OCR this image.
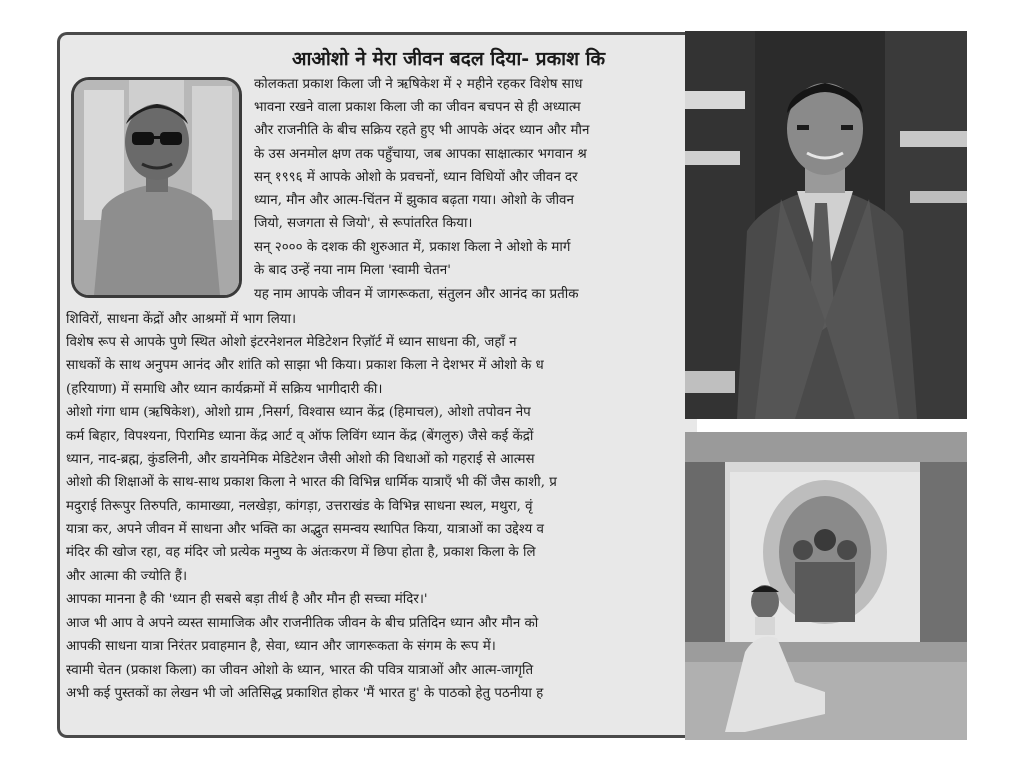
आओशो ने मेरा जीवन बदल दिया- प्रकाश कि
कोलकता प्रकाश किला जी ने ऋषिकेश में २ महीने रहकर विशेष साध
भावना रखने वाला प्रकाश किला जी का जीवन बचपन से ही अध्यात्म
और राजनीति के बीच सक्रिय रहते हुए भी आपके अंदर ध्यान और मौन
के उस अनमोल क्षण तक पहुँचाया, जब आपका साक्षात्कार भगवान श्र
सन् १९९६ में आपके ओशो के प्रवचनों, ध्यान विधियों और जीवन दर
ध्यान, मौन और आत्म-चिंतन में झुकाव बढ़ता गया। ओशो के जीवन
जियो, सजगता से जियो', से रूपांतरित किया।
सन् २००० के दशक की शुरुआत में, प्रकाश किला ने ओशो के मार्ग
के बाद उन्हें नया नाम मिला 'स्वामी चेतन'
यह नाम आपके जीवन में जागरूकता, संतुलन और आनंद का प्रतीक
शिविरों, साधना केंद्रों और आश्रमों में भाग लिया।
विशेष रूप से आपके पुणे स्थित ओशो इंटरनेशनल मेडिटेशन रिज़ॉर्ट में ध्यान साधना की, जहाँ न
साधकों के साथ अनुपम आनंद और शांति को साझा भी किया। प्रकाश किला ने देशभर में ओशो के ध
(हरियाणा) में समाधि और ध्यान कार्यक्रमों में सक्रिय भागीदारी की।
ओशो गंगा धाम (ऋषिकेश), ओशो ग्राम ,निसर्ग, विश्वास ध्यान केंद्र (हिमाचल), ओशो तपोवन नेप
कर्म बिहार, विपश्यना, पिरामिड ध्याना केंद्र आर्ट व् ऑफ लिविंग ध्यान केंद्र (बेंगलुरु) जैसे कई केंद्रों
ध्यान, नाद-ब्रह्म, कुंडलिनी, और डायनेमिक मेडिटेशन जैसी ओशो की विधाओं को गहराई से आत्मस
ओशो की शिक्षाओं के साथ-साथ प्रकाश किला ने भारत की विभिन्न धार्मिक यात्राएँ भी कीं जैस काशी, प्र
मदुराई तिरूपुर तिरुपति, कामाख्या, नलखेड़ा, कांगड़ा, उत्तराखंड के विभिन्न साधना स्थल, मथुरा, वृं
यात्रा कर, अपने जीवन में साधना और भक्ति का अद्भुत समन्वय स्थापित किया, यात्राओं का उद्देश्य व
मंदिर की खोज रहा, वह मंदिर जो प्रत्येक मनुष्य के अंतःकरण में छिपा होता है, प्रकाश किला के लि
और आत्मा की ज्योति हैं।
आपका मानना है की 'ध्यान ही सबसे बड़ा तीर्थ है और मौन ही सच्चा मंदिर।'
आज भी आप वे अपने व्यस्त सामाजिक और राजनीतिक जीवन के बीच प्रतिदिन ध्यान और मौन को
आपकी साधना यात्रा निरंतर प्रवाहमान है, सेवा, ध्यान और जागरूकता के संगम के रूप में।
स्वामी चेतन (प्रकाश किला) का जीवन ओशो के ध्यान, भारत की पवित्र यात्राओं और आत्म-जागृति
अभी कई पुस्तकों का लेखन भी जो अतिसिद्ध प्रकाशित होकर 'मैं भारत हु' के पाठको हेतु पठनीया ह
